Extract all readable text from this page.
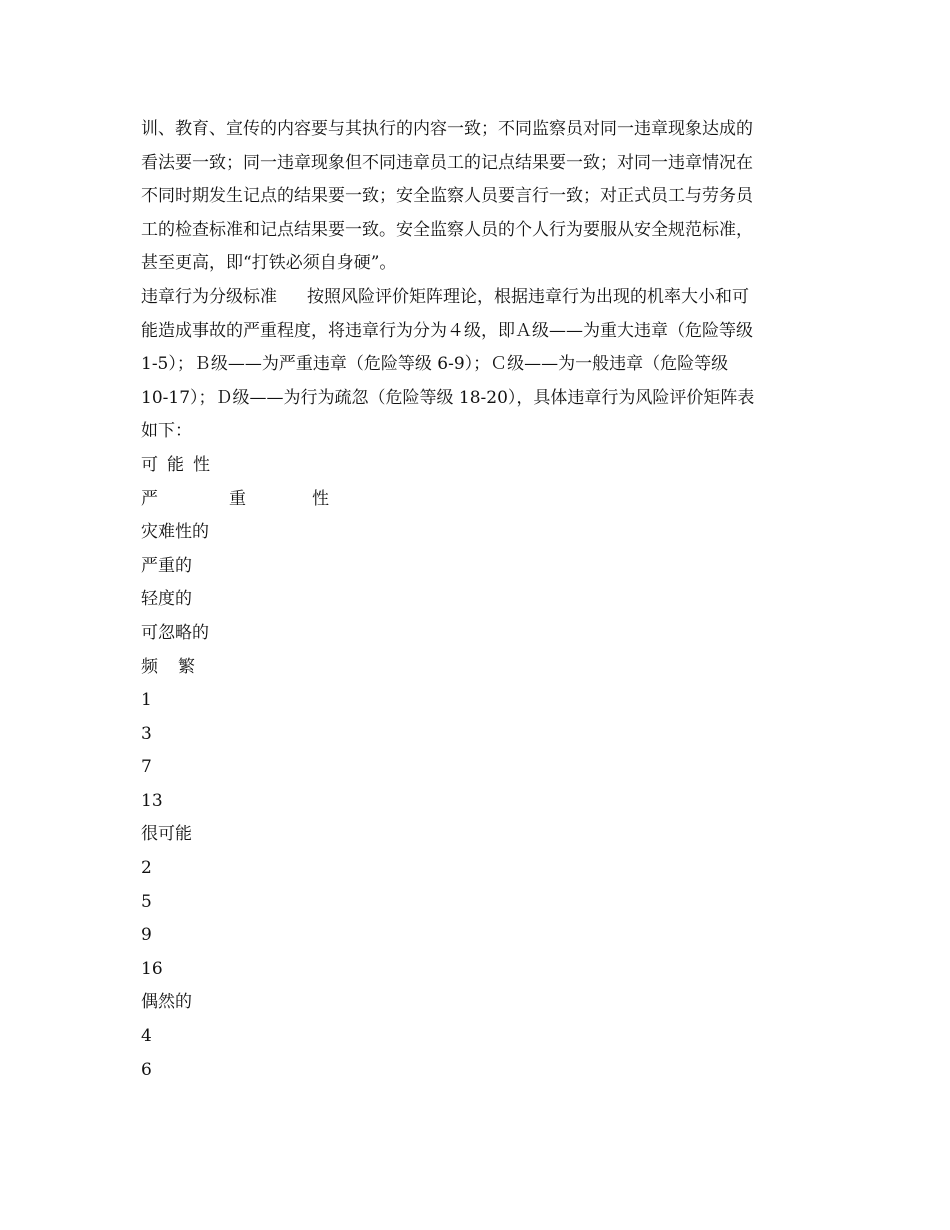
训、教育、宣传的内容要与其执行的内容一致；不同监察员对同一违章现象达成的

看法要一致；同一违章现象但不同违章员工的记点结果要一致；对同一违章情况在

不同时期发生记点的结果要一致；安全监察人员要言行一致；对正式员工与劳务员

工的检查标准和记点结果要一致。安全监察人员的个人行为要服从安全规范标准，

甚至更高，即“打铁必须自身硬”。

违章行为分级标准 按照风险评价矩阵理论，根据违章行为出现的机率大小和可

能造成事故的严重程度，将违章行为分为４级，即Ａ级——为重大违章（危险等级

1-5）；Ｂ级——为严重违章（危险等级 6-9）；Ｃ级——为一般违章（危险等级

10-17）；Ｄ级——为行为疏忽（危险等级 18-20），具体违章行为风险评价矩阵表

如下：

可能性
严	重	性
灾难性的
严重的
轻度的
可忽略的
频繁
1
3
7
13
很可能
2
5
9
16
偶然的
4
6
